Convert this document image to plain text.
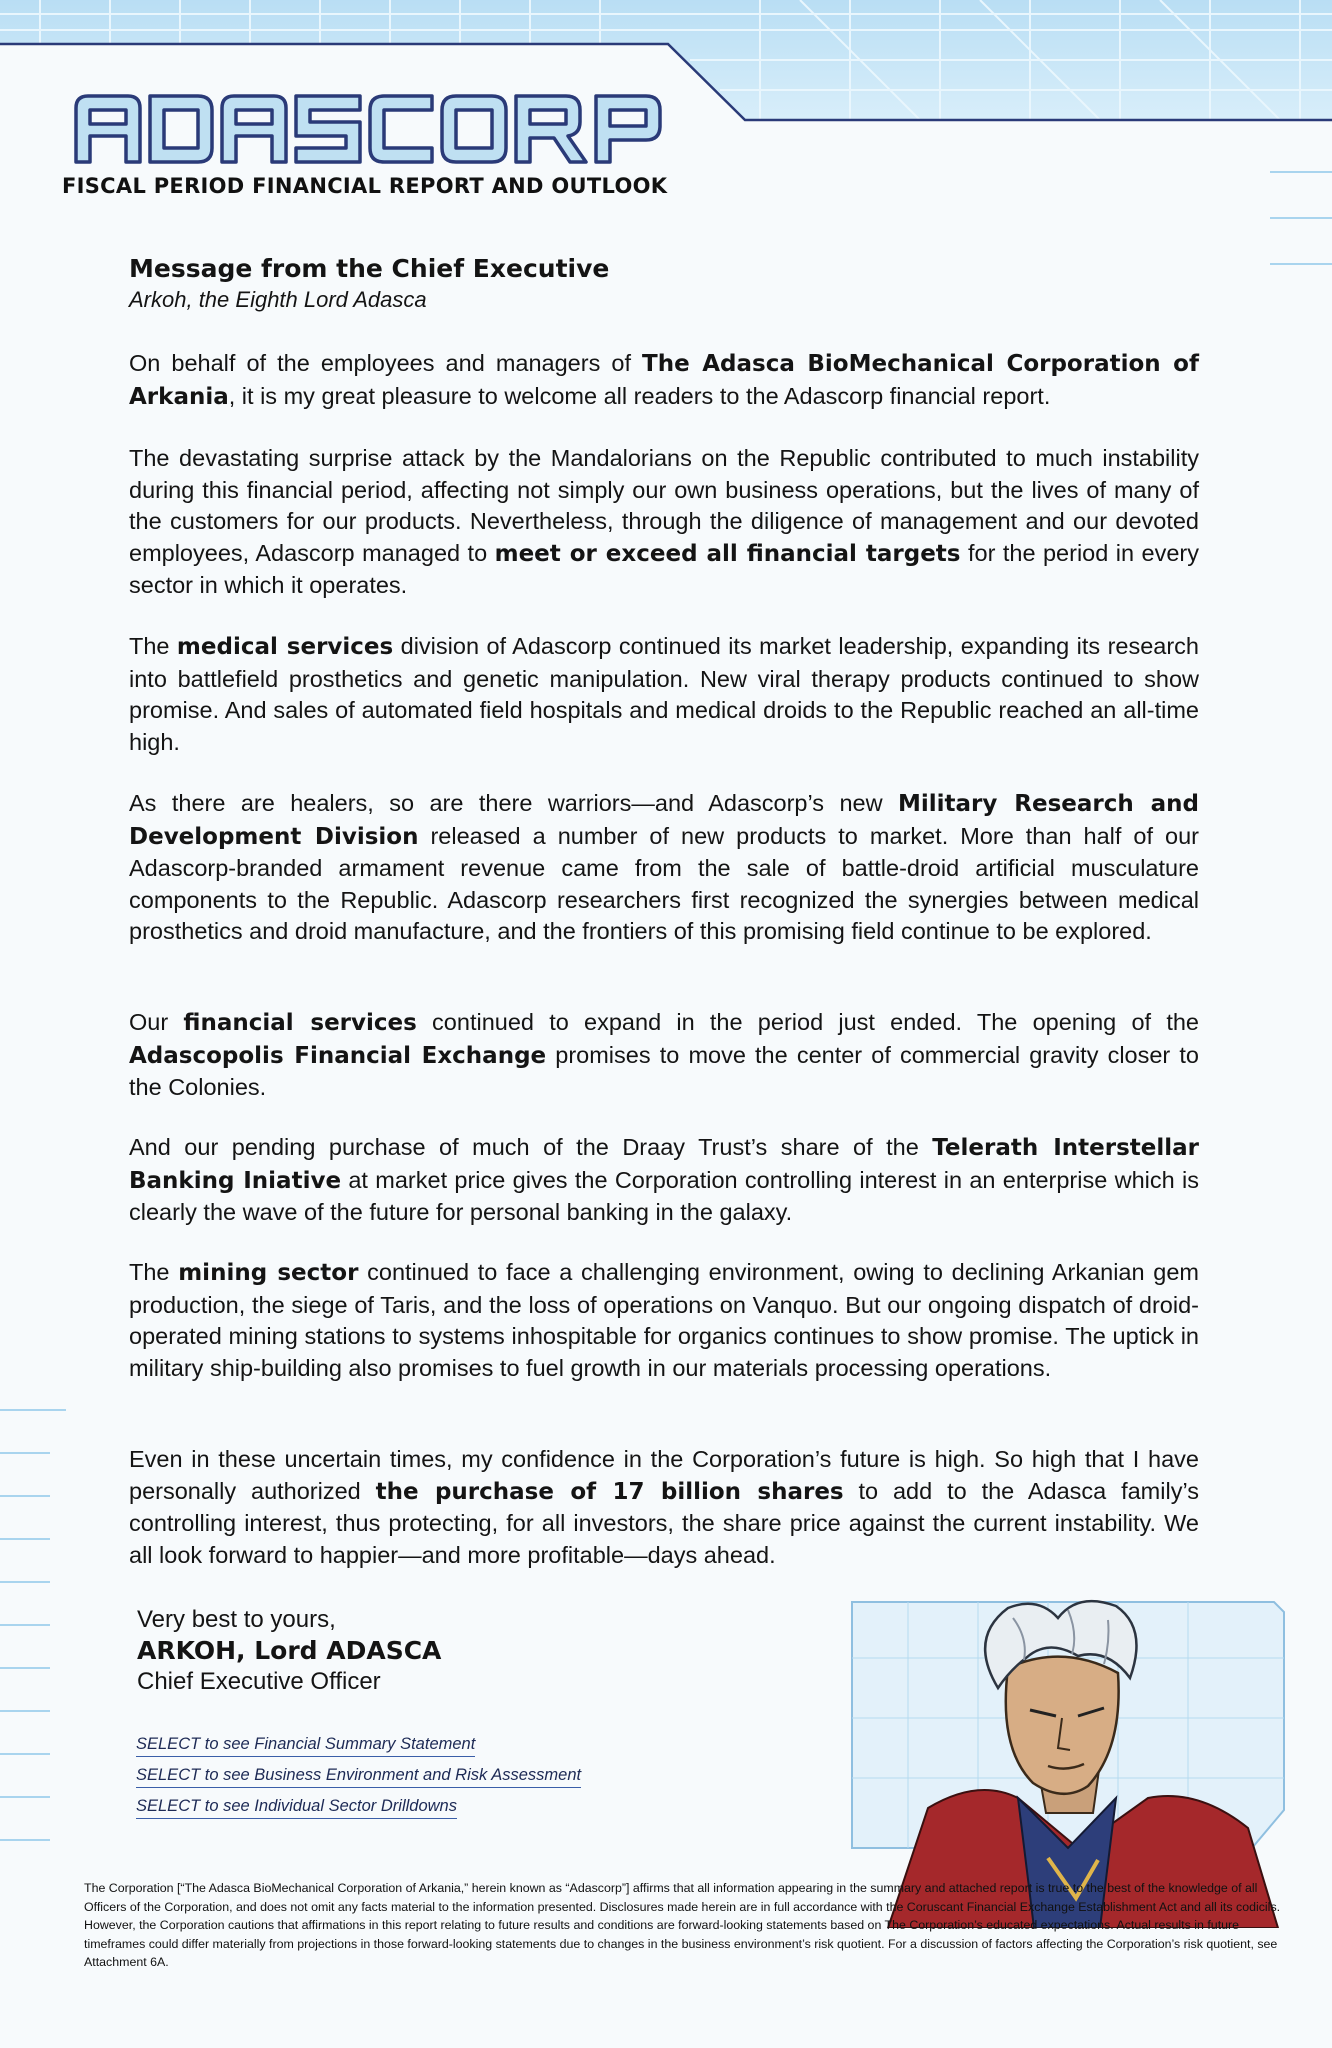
FISCAL PERIOD FINANCIAL REPORT AND OUTLOOK

Message from the Chief Executive

Arkoh, the Eighth Lord Adasca

On behalf of the employees and managers of The Adasca BioMechanical Corporation of Arkania, it is my great pleasure to welcome all readers to the Adascorp financial report.

The devastating surprise attack by the Mandalorians on the Republic contributed to much instability during this financial period, affecting not simply our own business operations, but the lives of many of the customers for our products. Nevertheless, through the diligence of management and our devoted employees, Adascorp managed to meet or exceed all financial targets for the period in every sector in which it operates.

The medical services division of Adascorp continued its market leadership, expanding its research into battlefield prosthetics and genetic manipulation. New viral therapy products continued to show promise. And sales of automated field hospitals and medical droids to the Republic reached an all-time high.

As there are healers, so are there warriors—and Adascorp’s new Military Research and Development Division released a number of new products to market. More than half of our Adascorp-branded armament revenue came from the sale of battle-droid artificial musculature components to the Republic. Adascorp researchers first recognized the synergies between medical prosthetics and droid manufacture, and the frontiers of this promising field continue to be explored.

Our financial services continued to expand in the period just ended. The opening of the Adascopolis Financial Exchange promises to move the center of commercial gravity closer to the Colonies.

And our pending purchase of much of the Draay Trust’s share of the Telerath Interstellar Banking Iniative at market price gives the Corporation controlling interest in an enterprise which is clearly the wave of the future for personal banking in the galaxy.

The mining sector continued to face a challenging environment, owing to declining Arkanian gem production, the siege of Taris, and the loss of operations on Vanquo. But our ongoing dispatch of droid-operated mining stations to systems inhospitable for organics continues to show promise. The uptick in military ship-building also promises to fuel growth in our materials processing operations.

Even in these uncertain times, my confidence in the Corporation’s future is high. So high that I have personally authorized the purchase of 17 billion shares to add to the Adasca family’s controlling interest, thus protecting, for all investors, the share price against the current instability. We all look forward to happier—and more profitable—days ahead.

Very best to yours,
ARKOH, Lord ADASCA
Chief Executive Officer
SELECT to see Financial Summary Statement
SELECT to see Business Environment and Risk Assessment
SELECT to see Individual Sector Drilldowns

The Corporation [“The Adasca BioMechanical Corporation of Arkania,” herein known as “Adascorp”] affirms that all information appearing in the summary and attached report is true to the best of the knowledge of all Officers of the Corporation, and does not omit any facts material to the information presented. Disclosures made herein are in full accordance with the Coruscant Financial Exchange Establishment Act and all its codicils. However, the Corporation cautions that affirmations in this report relating to future results and conditions are forward-looking statements based on The Corporation’s educated expectations. Actual results in future timeframes could differ materially from projections in those forward-looking statements due to changes in the business environment’s risk quotient. For a discussion of factors affecting the Corporation’s risk quotient, see Attachment 6A.
